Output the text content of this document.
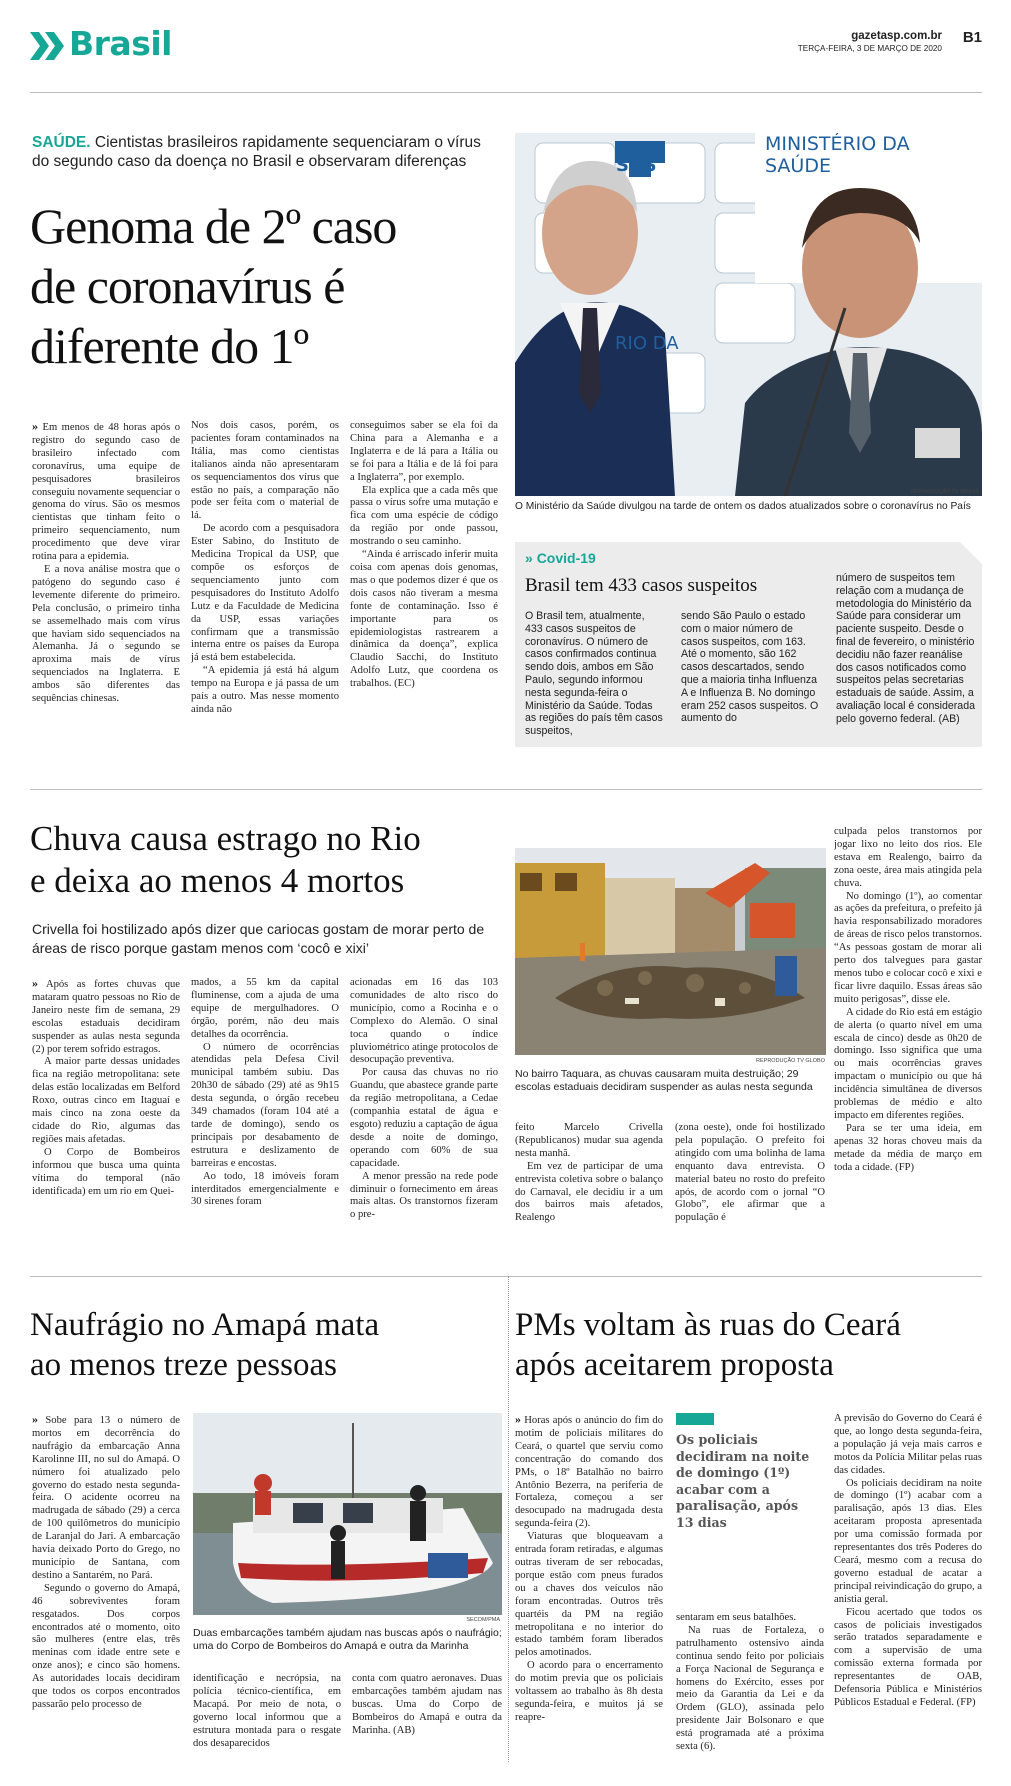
Brasil	gazetasp.com.br
TERÇA-FEIRA, 3 DE MARÇO DE 2020
B1
SAÚDE. Cientistas brasileiros rapidamente sequenciaram o vírus do segundo caso da doença no Brasil e observaram diferenças
Genoma de 2º caso
de coronavírus é
diferente do 1º

» Em menos de 48 horas após o registro do segundo caso de brasileiro infectado com coronavírus, uma equipe de pesquisadores brasileiros conseguiu novamente sequenciar o genoma do vírus. São os mesmos cientistas que tinham feito o primeiro sequenciamento, num procedimento que deve virar rotina para a epidemia.

E a nova análise mostra que o patógeno do segundo caso é levemente diferente do primeiro. Pela conclusão, o primeiro tinha se assemelhado mais com vírus que haviam sido sequenciados na Alemanha. Já o segundo se aproxima mais de vírus sequenciados na Inglaterra. E ambos são diferentes das sequências chinesas.

Nos dois casos, porém, os pacientes foram contaminados na Itália, mas como cientistas italianos ainda não apresentaram os sequenciamentos dos vírus que estão no país, a comparação não pode ser feita com o material de lá.

De acordo com a pesquisadora Ester Sabino, do Instituto de Medicina Tropical da USP, que compõe os esforços de sequenciamento junto com pesquisadores do Instituto Adolfo Lutz e da Faculdade de Medicina da USP, essas variações confirmam que a transmissão interna entre os países da Europa já está bem estabelecida.

“A epidemia já está há algum tempo na Europa e já passa de um país a outro. Mas nesse momento ainda não

conseguimos saber se ela foi da China para a Alemanha e a Inglaterra e de lá para a Itália ou se foi para a Itália e de lá foi para a Inglaterra”, por exemplo.

Ela explica que a cada mês que passa o vírus sofre uma mutação e fica com uma espécie de código da região por onde passou, mostrando o seu caminho.

“Ainda é arriscado inferir muita coisa com apenas dois genomas, mas o que podemos dizer é que os dois casos não tiveram a mesma fonte de contaminação. Isso é importante para os epidemiologistas rastrearem a dinâmica da doença”, explica Claudio Sacchi, do Instituto Adolfo Lutz, que coordena os trabalhos. (EC)

SUS
MINISTÉRIO DA SAÚDE
RIO DA
REPRODUÇÃO TV BRASIL
O Ministério da Saúde divulgou na tarde de ontem os dados atualizados sobre o coronavírus no País
» Covid-19
Brasil tem 433 casos suspeitos
O Brasil tem, atualmente, 433 casos suspeitos de coronavírus. O número de casos confirmados continua sendo dois, ambos em São Paulo, segundo informou nesta segunda-feira o Ministério da Saúde. Todas as regiões do país têm casos suspeitos,
sendo São Paulo o estado com o maior número de casos suspeitos, com 163. Até o momento, são 162 casos descartados, sendo que a maioria tinha Influenza A e Influenza B. No domingo eram 252 casos suspeitos. O aumento do
número de suspeitos tem relação com a mudança de metodologia do Ministério da Saúde para considerar um paciente suspeito. Desde o final de fevereiro, o ministério decidiu não fazer reanálise dos casos notificados como suspeitos pelas secretarias estaduais de saúde. Assim, a avaliação local é considerada pelo governo federal. (AB)
Chuva causa estrago no Rio
e deixa ao menos 4 mortos
Crivella foi hostilizado após dizer que cariocas gostam de morar perto de áreas de risco porque gastam menos com ‘cocô e xixi’

» Após as fortes chuvas que mataram quatro pessoas no Rio de Janeiro neste fim de semana, 29 escolas estaduais decidiram suspender as aulas nesta segunda (2) por terem sofrido estragos.

A maior parte dessas unidades fica na região metropolitana: sete delas estão localizadas em Belford Roxo, outras cinco em Itaguaí e mais cinco na zona oeste da cidade do Rio, algumas das regiões mais afetadas.

O Corpo de Bombeiros informou que busca uma quinta vítima do temporal (não identificada) em um rio em Quei-

mados, a 55 km da capital fluminense, com a ajuda de uma equipe de mergulhadores. O órgão, porém, não deu mais detalhes da ocorrência.

O número de ocorrências atendidas pela Defesa Civil municipal também subiu. Das 20h30 de sábado (29) até as 9h15 desta segunda, o órgão recebeu 349 chamados (foram 104 até a tarde de domingo), sendo os principais por desabamento de estrutura e deslizamento de barreiras e encostas.

Ao todo, 18 imóveis foram interditados emergencialmente e 30 sirenes foram

acionadas em 16 das 103 comunidades de alto risco do município, como a Rocinha e o Complexo do Alemão. O sinal toca quando o índice pluviométrico atinge protocolos de desocupação preventiva.

Por causa das chuvas no rio Guandu, que abastece grande parte da região metropolitana, a Cedae (companhia estatal de água e esgoto) reduziu a captação de água desde a noite de domingo, operando com 60% de sua capacidade.

A menor pressão na rede pode diminuir o fornecimento em áreas mais altas. Os transtornos fizeram o pre-

REPRODUÇÃO TV GLOBO
No bairro Taquara, as chuvas causaram muita destruição; 29 escolas estaduais decidiram suspender as aulas nesta segunda

feito Marcelo Crivella (Republicanos) mudar sua agenda nesta manhã.

Em vez de participar de uma entrevista coletiva sobre o balanço do Carnaval, ele decidiu ir a um dos bairros mais afetados, Realengo

(zona oeste), onde foi hostilizado pela população. O prefeito foi atingido com uma bolinha de lama enquanto dava entrevista. O material bateu no rosto do prefeito após, de acordo com o jornal “O Globo”, ele afirmar que a população é

culpada pelos transtornos por jogar lixo no leito dos rios. Ele estava em Realengo, bairro da zona oeste, área mais atingida pela chuva.

No domingo (1º), ao comentar as ações da prefeitura, o prefeito já havia responsabilizado moradores de áreas de risco pelos transtornos. “As pessoas gostam de morar ali perto dos talvegues para gastar menos tubo e colocar cocô e xixi e ficar livre daquilo. Essas áreas são muito perigosas”, disse ele.

A cidade do Rio está em estágio de alerta (o quarto nível em uma escala de cinco) desde as 0h20 de domingo. Isso significa que uma ou mais ocorrências graves impactam o município ou que há incidência simultânea de diversos problemas de médio e alto impacto em diferentes regiões.

Para se ter uma ideia, em apenas 32 horas choveu mais da metade da média de março em toda a cidade. (FP)

Naufrágio no Amapá mata
ao menos treze pessoas

» Sobe para 13 o número de mortos em decorrência do naufrágio da embarcação Anna Karolinne III, no sul do Amapá. O número foi atualizado pelo governo do estado nesta segunda-feira. O acidente ocorreu na madrugada de sábado (29) a cerca de 100 quilômetros do município de Laranjal do Jari. A embarcação havia deixado Porto do Grego, no município de Santana, com destino a Santarém, no Pará.

Segundo o governo do Amapá, 46 sobreviventes foram resgatados. Dos corpos encontrados até o momento, oito são mulheres (entre elas, três meninas com idade entre sete e onze anos); e cinco são homens. As autoridades locais decidiram que todos os corpos encontrados passarão pelo processo de

SECOM/PMA
Duas embarcações também ajudam nas buscas após o naufrágio; uma do Corpo de Bombeiros do Amapá e outra da Marinha

identificação e necrópsia, na polícia técnico-científica, em Macapá. Por meio de nota, o governo local informou que a estrutura montada para o resgate dos desaparecidos

conta com quatro aeronaves. Duas embarcações também ajudam nas buscas. Uma do Corpo de Bombeiros do Amapá e outra da Marinha. (AB)

PMs voltam às ruas do Ceará
após aceitarem proposta

» Horas após o anúncio do fim do motim de policiais militares do Ceará, o quartel que serviu como concentração do comando dos PMs, o 18º Batalhão no bairro Antônio Bezerra, na periferia de Fortaleza, começou a ser desocupado na madrugada desta segunda-feira (2).

Viaturas que bloqueavam a entrada foram retiradas, e algumas outras tiveram de ser rebocadas, porque estão com pneus furados ou a chaves dos veículos não foram encontradas. Outros três quartéis da PM na região metropolitana e no interior do estado também foram liberados pelos amotinados.

O acordo para o encerramento do motim previa que os policiais voltassem ao trabalho às 8h desta segunda-feira, e muitos já se reapre-

Os policiais decidiram na noite de domingo (1º) acabar com a paralisação, após 13 dias

sentaram em seus batalhões.

Na ruas de Fortaleza, o patrulhamento ostensivo ainda continua sendo feito por policiais a Força Nacional de Segurança e homens do Exército, esses por meio da Garantia da Lei e da Ordem (GLO), assinada pelo presidente Jair Bolsonaro e que está programada até a próxima sexta (6).

A previsão do Governo do Ceará é que, ao longo desta segunda-feira, a população já veja mais carros e motos da Polícia Militar pelas ruas das cidades.

Os policiais decidiram na noite de domingo (1º) acabar com a paralisação, após 13 dias. Eles aceitaram proposta apresentada por uma comissão formada por representantes dos três Poderes do Ceará, mesmo com a recusa do governo estadual de acatar a principal reivindicação do grupo, a anistia geral.

Ficou acertado que todos os casos de policiais investigados serão tratados separadamente e com a supervisão de uma comissão externa formada por representantes de OAB, Defensoria Pública e Ministérios Públicos Estadual e Federal. (FP)
